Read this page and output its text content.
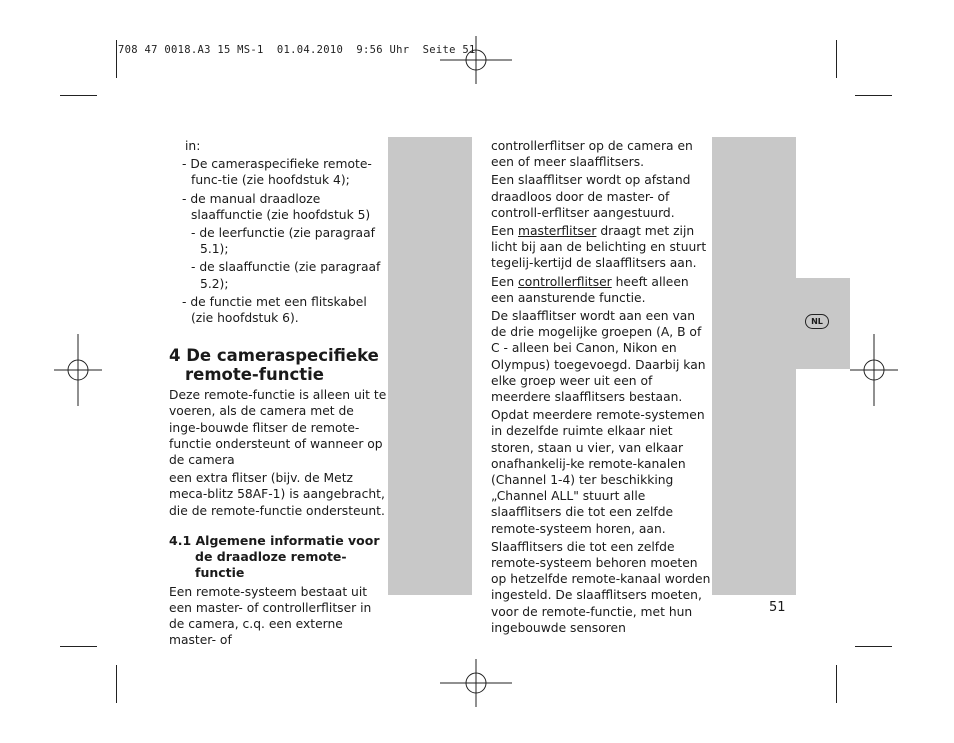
708 47 0018.A3 15 MS-1  01.04.2010  9:56 Uhr  Seite 51
NL

in:

- De cameraspecifieke remote-func-tie (zie hoofdstuk 4);

- de manual draadloze slaaffunctie (zie hoofdstuk 5)

- de leerfunctie (zie paragraaf 5.1);

- de slaaffunctie (zie paragraaf 5.2);

- de functie met een flitskabel (zie hoofdstuk 6).

4 De cameraspecifieke remote-functie

Deze remote-functie is alleen uit te voeren, als de camera met de inge-bouwde flitser de remote-functie ondersteunt of wanneer op de camera

een extra flitser (bijv. de Metz meca-blitz 58AF-1) is aangebracht, die de remote-functie ondersteunt.

4.1 Algemene informatie voor de draadloze remote-functie

Een remote-systeem bestaat uit een master- of controllerflitser in de camera, c.q. een externe master- of

controllerflitser op de camera en een of meer slaafflitsers.

Een slaafflitser wordt op afstand draadloos door de master- of controll-erflitser aangestuurd.

Een masterflitser draagt met zijn licht bij aan de belichting en stuurt tegelij-kertijd de slaafflitsers aan.

Een controllerflitser heeft alleen een aansturende functie.

De slaafflitser wordt aan een van de drie mogelijke groepen (A, B of C - alleen bei Canon, Nikon en Olympus) toegevoegd. Daarbij kan elke groep weer uit een of meerdere slaafflitsers bestaan.

Opdat meerdere remote-systemen in dezelfde ruimte elkaar niet storen, staan u vier, van elkaar onafhankelij-ke remote-kanalen (Channel 1-4) ter beschikking „Channel ALL" stuurt alle slaafflitsers die tot een zelfde remote-systeem horen, aan.

Slaafflitsers die tot een zelfde remote-systeem behoren moeten op hetzelfde remote-kanaal worden ingesteld. De slaafflitsers moeten, voor de remote-functie, met hun ingebouwde sensoren

51
